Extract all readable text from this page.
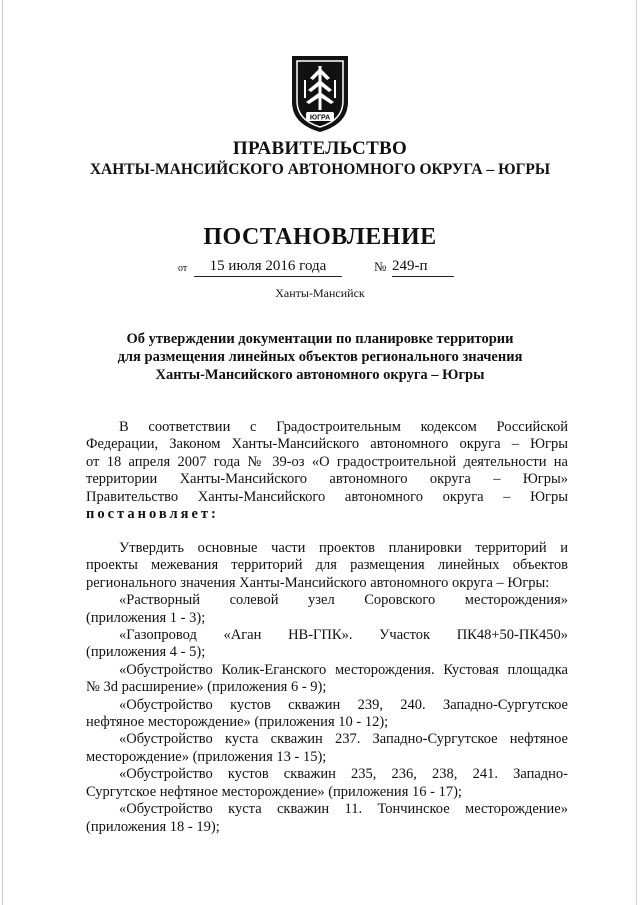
ЮГРА
ПРАВИТЕЛЬСТВО
ХАНТЫ-МАНСИЙСКОГО АВТОНОМНОГО ОКРУГА – ЮГРЫ
ПОСТАНОВЛЕНИЕ
от	15 июля 2016 года	№ 249-п
Ханты-Мансийск
Об утверждении документации по планировке территории
для размещения линейных объектов регионального значения
Ханты-Мансийского автономного округа – Югры
В соответствии с Градостроительным кодексом Российской
Федерации, Законом Ханты-Мансийского автономного округа – Югры
от 18 апреля 2007 года № 39-оз «О градостроительной деятельности на
территории Ханты-Мансийского автономного округа – Югры»
Правительство Ханты-Мансийского автономного округа – Югры
постановляет:
Утвердить основные части проектов планировки территорий и
проекты межевания территорий для размещения линейных объектов
регионального значения Ханты-Мансийского автономного округа – Югры:
«Растворный солевой узел Соровского месторождения»
(приложения 1 - 3);
«Газопровод «Аган НВ-ГПК». Участок ПК48+50-ПК450»
(приложения 4 - 5);
«Обустройство Колик-Еганского месторождения. Кустовая площадка
№ 3d расширение» (приложения 6 - 9);
«Обустройство кустов скважин 239, 240. Западно-Сургутское
нефтяное месторождение» (приложения 10 - 12);
«Обустройство куста скважин 237. Западно-Сургутское нефтяное
месторождение» (приложения 13 - 15);
«Обустройство кустов скважин 235, 236, 238, 241. Западно-
Сургутское нефтяное месторождение» (приложения 16 - 17);
«Обустройство куста скважин 11. Тончинское месторождение»
(приложения 18 - 19);
